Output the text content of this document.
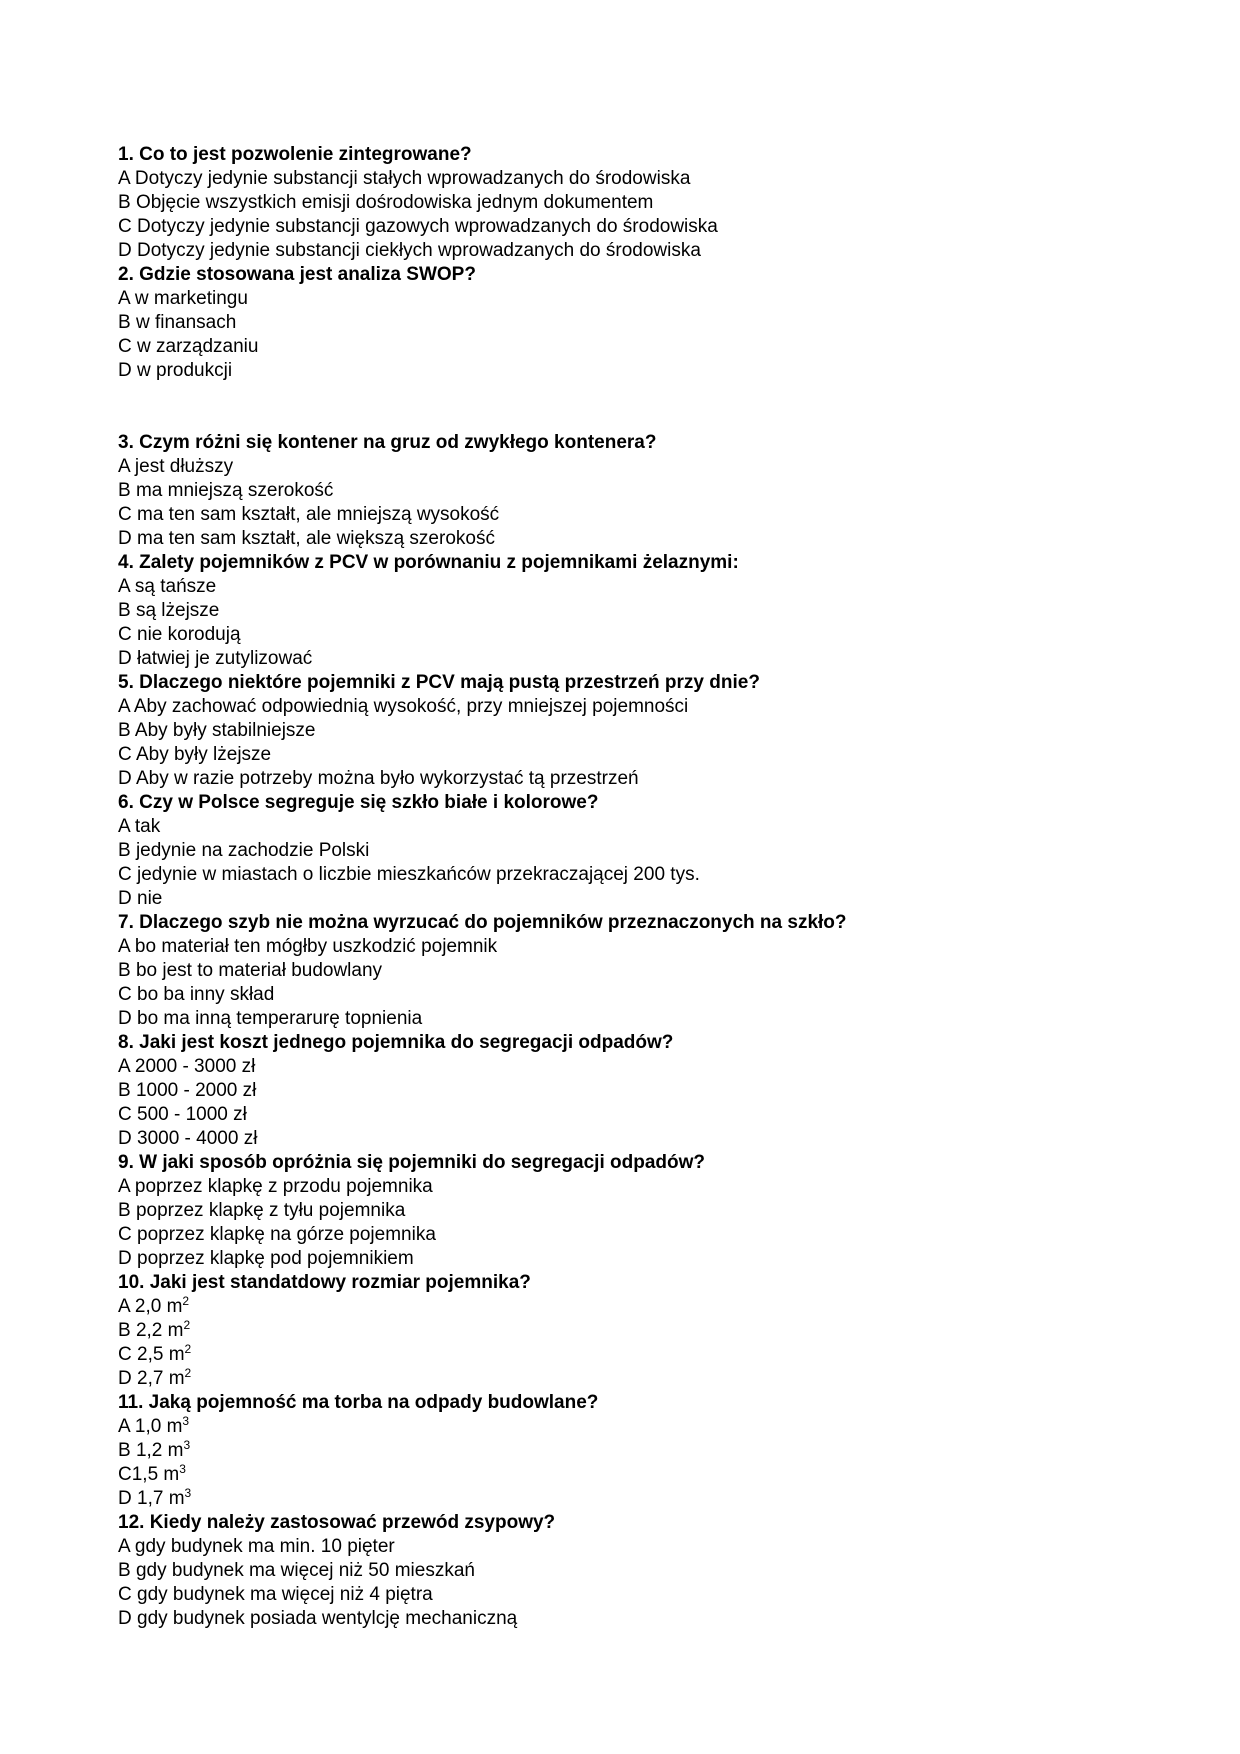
1. Co to jest pozwolenie zintegrowane?
A Dotyczy jedynie substancji stałych wprowadzanych do środowiska
B Objęcie wszystkich emisji dośrodowiska jednym dokumentem
C Dotyczy jedynie substancji gazowych wprowadzanych do środowiska
D Dotyczy jedynie substancji ciekłych wprowadzanych do środowiska
2. Gdzie stosowana jest analiza SWOP?
A w marketingu
B w finansach
C w zarządzaniu
D w produkcji
3. Czym różni się kontener na gruz od zwykłego kontenera?
A jest dłuższy
B ma mniejszą szerokość
C ma ten sam kształt, ale mniejszą wysokość
D ma ten sam kształt, ale większą szerokość
4. Zalety pojemników z PCV w porównaniu z pojemnikami żelaznymi:
A są tańsze
B są lżejsze
C nie korodują
D łatwiej je zutylizować
5. Dlaczego niektóre pojemniki z PCV mają pustą przestrzeń przy dnie?
A Aby zachować odpowiednią wysokość, przy mniejszej pojemności
B Aby były stabilniejsze
C Aby były lżejsze
D Aby w razie potrzeby można było wykorzystać tą przestrzeń
6. Czy w Polsce segreguje się szkło białe i kolorowe?
A tak
B jedynie na zachodzie Polski
C jedynie w miastach o liczbie mieszkańców przekraczającej 200 tys.
D nie
7. Dlaczego szyb nie można wyrzucać do pojemników przeznaczonych na szkło?
A bo materiał ten mógłby uszkodzić pojemnik
B bo jest to materiał budowlany
C bo ba inny skład
D bo ma inną temperarurę topnienia
8. Jaki jest koszt jednego pojemnika do segregacji odpadów?
A 2000 - 3000 zł
B 1000 - 2000 zł
C 500 - 1000 zł
D 3000 - 4000 zł
9. W jaki sposób opróżnia się pojemniki do segregacji odpadów?
A poprzez klapkę z przodu pojemnika
B poprzez klapkę z tyłu pojemnika
C poprzez klapkę na górze pojemnika
D poprzez klapkę pod pojemnikiem
10. Jaki jest standatdowy rozmiar pojemnika?
A 2,0 $m^2$
B 2,2 $m^2$
C 2,5 $m^2$
D 2,7 $m^2$
11. Jaką pojemność ma torba na odpady budowlane?
A 1,0 $m^3$
B 1,2 $m^3$
C1,5 $m^3$
D 1,7 $m^3$
12. Kiedy należy zastosować przewód zsypowy?
A gdy budynek ma min. 10 pięter
B gdy budynek ma więcej niż 50 mieszkań
C gdy budynek ma więcej niż 4 piętra
D gdy budynek posiada wentylcję mechaniczną
